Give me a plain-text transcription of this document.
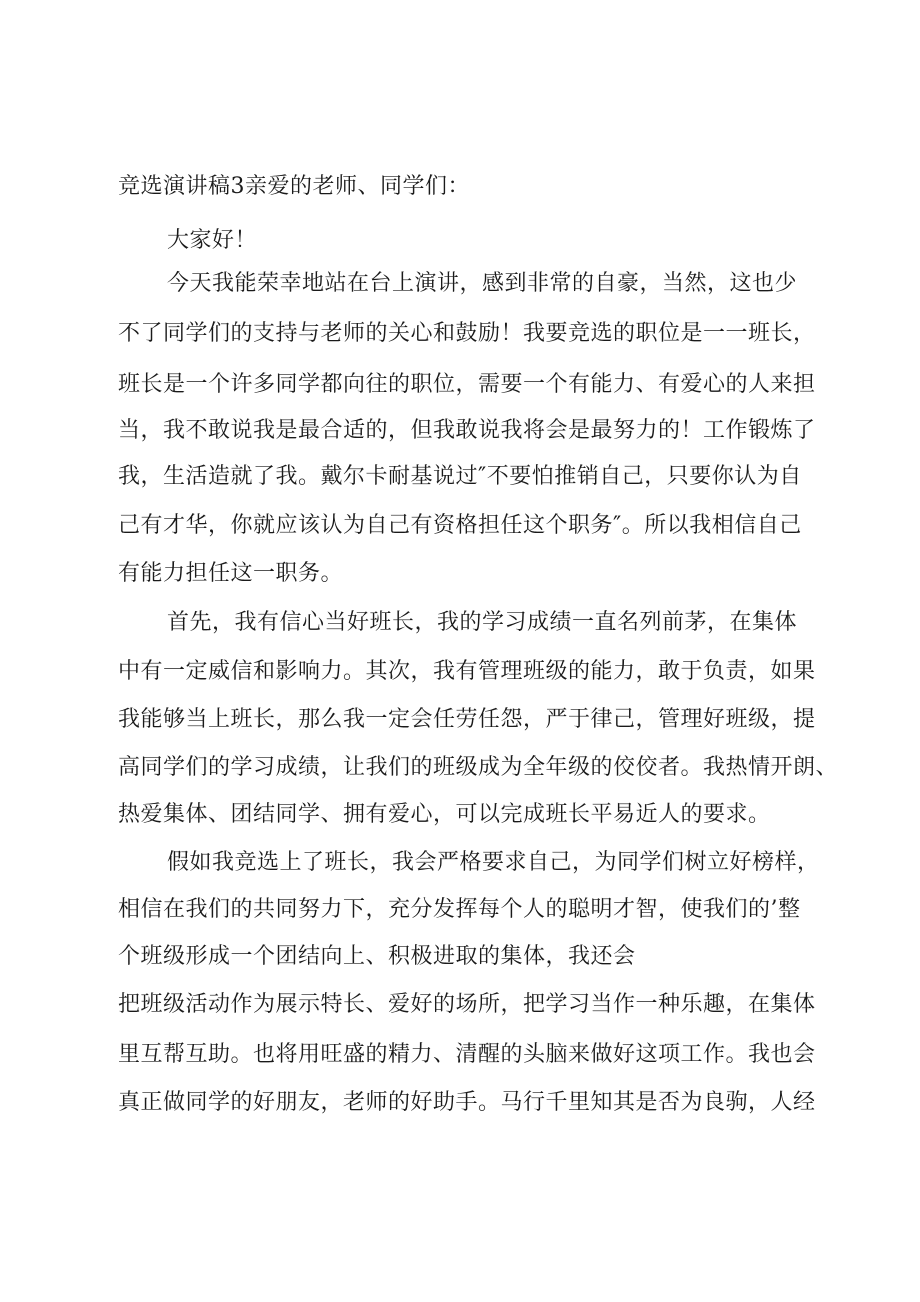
竞选演讲稿3亲爱的老师、同学们：
大家好！
今天我能荣幸地站在台上演讲，感到非常的自豪，当然，这也少
不了同学们的支持与老师的关心和鼓励！我要竞选的职位是一一班长，
班长是一个许多同学都向往的职位，需要一个有能力、有爱心的人来担
当，我不敢说我是最合适的，但我敢说我将会是最努力的！工作锻炼了
我，生活造就了我。戴尔卡耐基说过″不要怕推销自己，只要你认为自
己有才华，你就应该认为自己有资格担任这个职务″。所以我相信自己
有能力担任这一职务。
首先，我有信心当好班长，我的学习成绩一直名列前茅，在集体
中有一定威信和影响力。其次，我有管理班级的能力，敢于负责，如果
我能够当上班长，那么我一定会任劳任怨，严于律己，管理好班级，提
高同学们的学习成绩，让我们的班级成为全年级的佼佼者。我热情开朗、
热爱集体、团结同学、拥有爱心，可以完成班长平易近人的要求。
假如我竞选上了班长，我会严格要求自己，为同学们树立好榜样，
相信在我们的共同努力下，充分发挥每个人的聪明才智，使我们的’整
个班级形成一个团结向上、积极进取的集体，我还会
把班级活动作为展示特长、爱好的场所，把学习当作一种乐趣，在集体
里互帮互助。也将用旺盛的精力、清醒的头脑来做好这项工作。我也会
真正做同学的好朋友，老师的好助手。马行千里知其是否为良驹，人经
